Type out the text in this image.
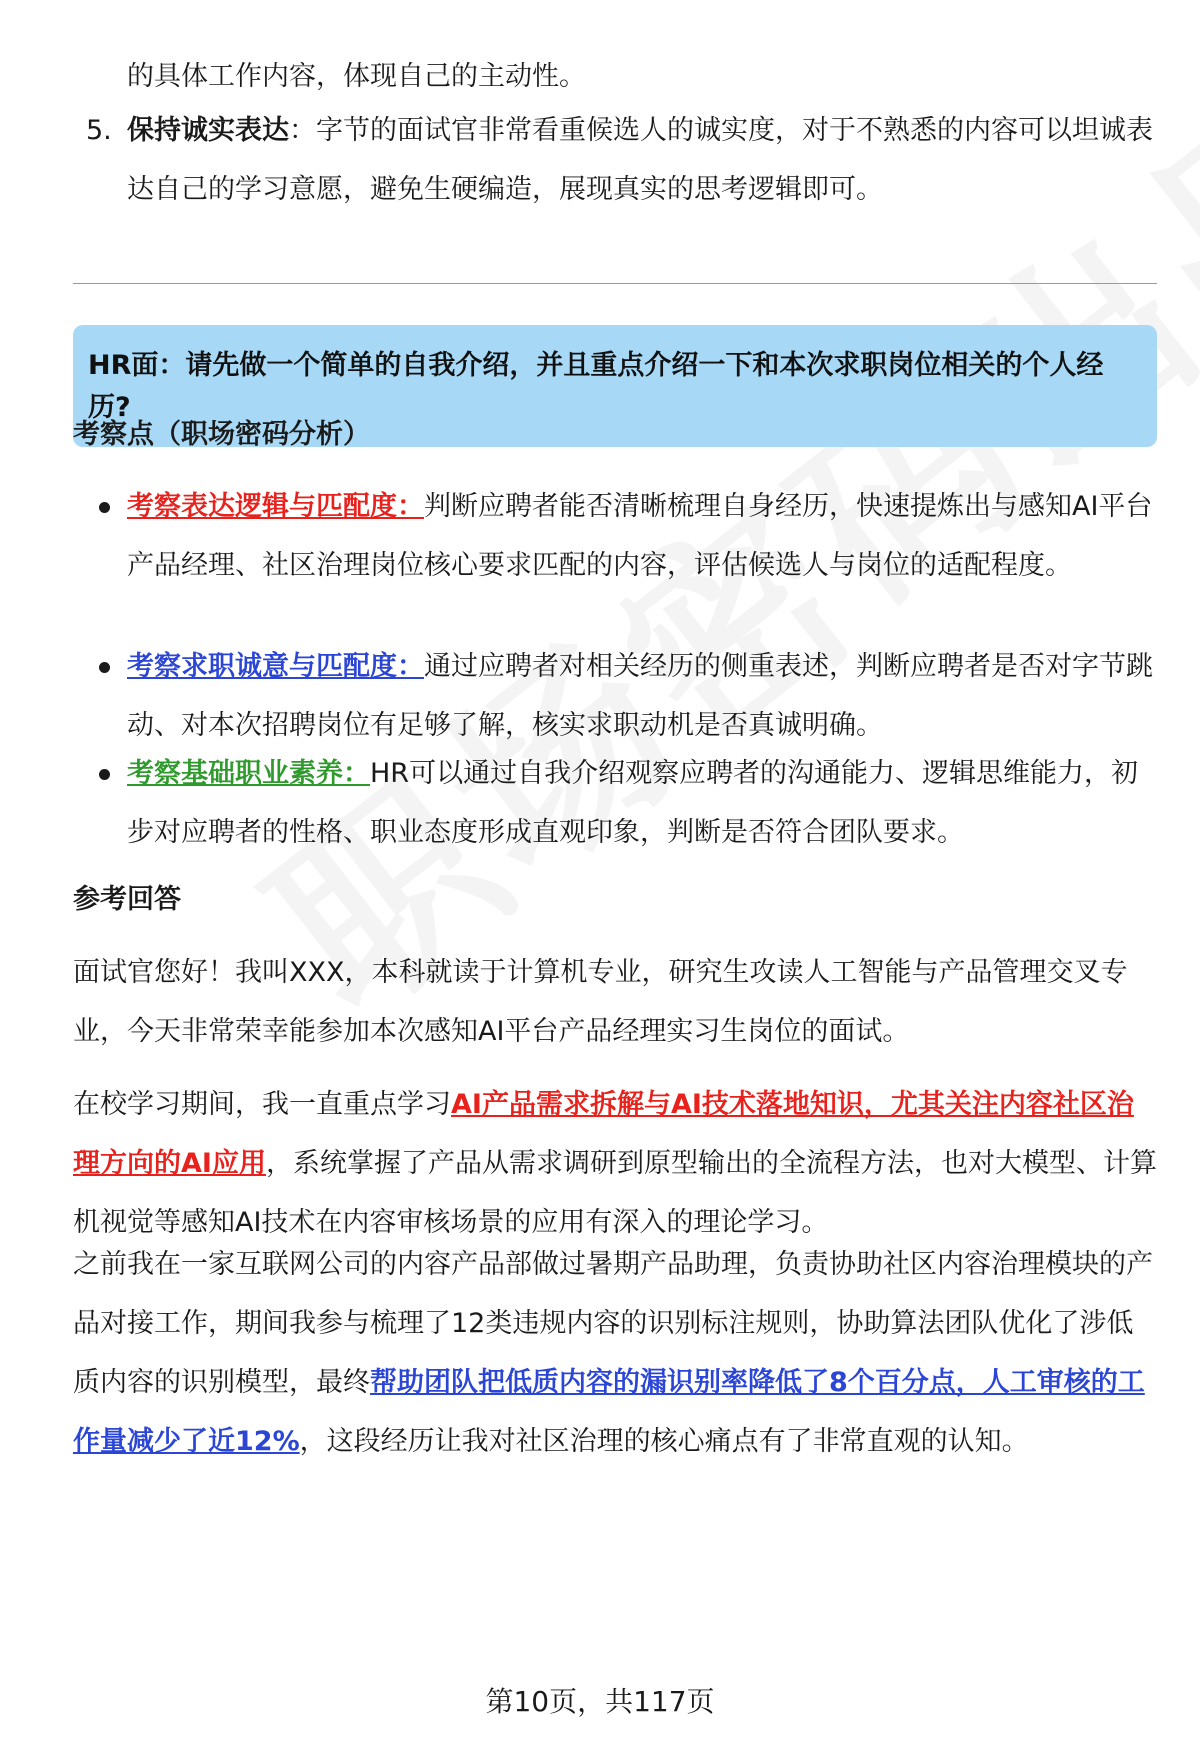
的具体工作内容，体现自己的主动性。
5. 保持诚实表达：字节的面试官非常看重候选人的诚实度，对于不熟悉的内容可以坦诚表达自己的学习意愿，避免生硬编造，展现真实的思考逻辑即可。
HR面：请先做一个简单的自我介绍，并且重点介绍一下和本次求职岗位相关的个人经历?
考察点（职场密码分析）
考察表达逻辑与匹配度：判断应聘者能否清晰梳理自身经历，快速提炼出与感知AI平台产品经理、社区治理岗位核心要求匹配的内容，评估候选人与岗位的适配程度。
考察求职诚意与匹配度：通过应聘者对相关经历的侧重表述，判断应聘者是否对字节跳动、对本次招聘岗位有足够了解，核实求职动机是否真诚明确。
考察基础职业素养：HR可以通过自我介绍观察应聘者的沟通能力、逻辑思维能力，初步对应聘者的性格、职业态度形成直观印象，判断是否符合团队要求。
参考回答
面试官您好！我叫XXX，本科就读于计算机专业，研究生攻读人工智能与产品管理交叉专业，今天非常荣幸能参加本次感知AI平台产品经理实习生岗位的面试。
在校学习期间，我一直重点学习AI产品需求拆解与AI技术落地知识，尤其关注内容社区治理方向的AI应用，系统掌握了产品从需求调研到原型输出的全流程方法，也对大模型、计算机视觉等感知AI技术在内容审核场景的应用有深入的理论学习。
之前我在一家互联网公司的内容产品部做过暑期产品助理，负责协助社区内容治理模块的产品对接工作，期间我参与梳理了12类违规内容的识别标注规则，协助算法团队优化了涉低质内容的识别模型，最终帮助团队把低质内容的漏识别率降低了8个百分点，人工审核的工作量减少了近12%，这段经历让我对社区治理的核心痛点有了非常直观的认知。
第10页，共117页
